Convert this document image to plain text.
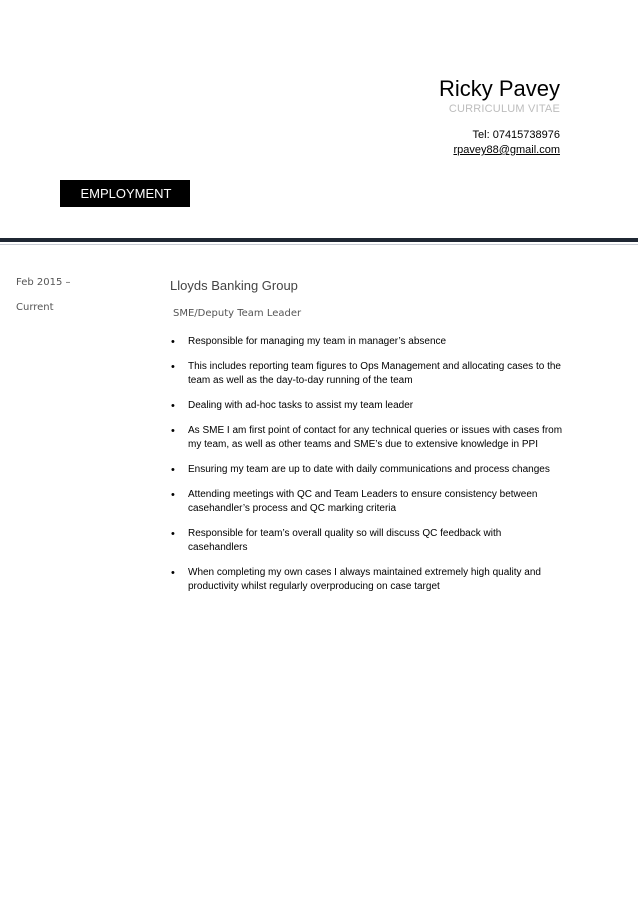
Ricky Pavey
CURRICULUM VITAE
Tel: 07415738976
rpavey88@gmail.com
EMPLOYMENT
Feb 2015 –
Current
Lloyds Banking Group
SME/Deputy Team Leader
• Responsible for managing my team in manager’s absence
• This includes reporting team figures to Ops Management and allocating cases to the team as well as the day-to-day running of the team
• Dealing with ad-hoc tasks to assist my team leader
• As SME I am first point of contact for any technical queries or issues with cases from my team, as well as other teams and SME’s due to extensive knowledge in PPI
• Ensuring my team are up to date with daily communications and process changes
• Attending meetings with QC and Team Leaders to ensure consistency between casehandler’s process and QC marking criteria
• Responsible for team’s overall quality so will discuss QC feedback with casehandlers
• When completing my own cases I always maintained extremely high quality and productivity whilst regularly overproducing on case target
